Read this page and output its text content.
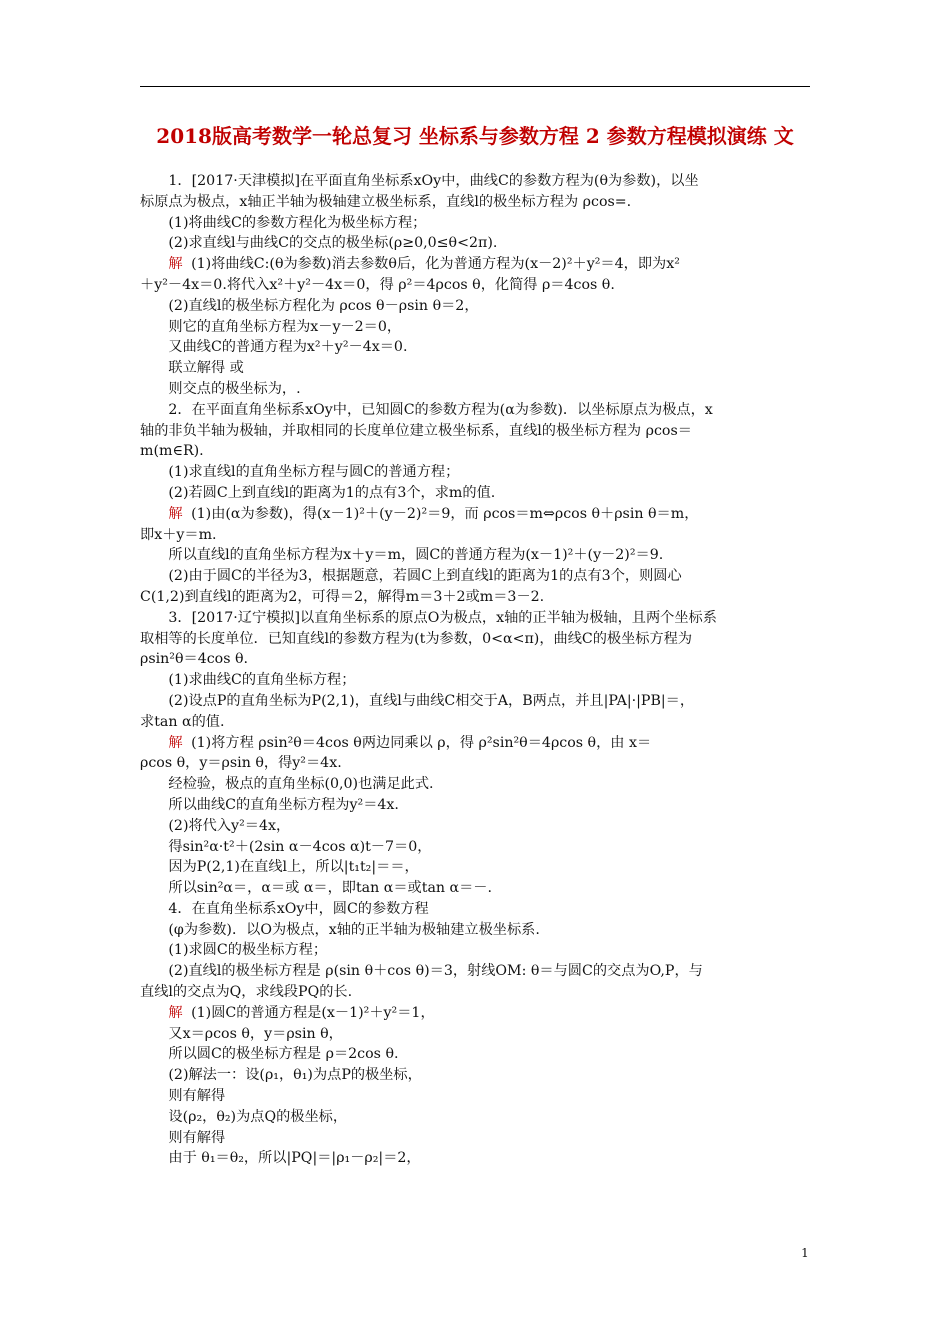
2018版高考数学一轮总复习 坐标系与参数方程 2 参数方程模拟演练 文
1．[2017·天津模拟]在平面直角坐标系xOy中，曲线C的参数方程为(θ为参数)，以坐
标原点为极点，x轴正半轴为极轴建立极坐标系，直线l的极坐标方程为 ρcos=.
(1)将曲线C的参数方程化为极坐标方程；
(2)求直线l与曲线C的交点的极坐标(ρ≥0,0≤θ<2π).
解 (1)将曲线C:(θ为参数)消去参数θ后，化为普通方程为(x－2)²＋y²＝4，即为x²
＋y²－4x＝0.将代入x²＋y²－4x＝0，得 ρ²＝4ρcos θ，化简得 ρ＝4cos θ.
(2)直线l的极坐标方程化为 ρcos θ－ρsin θ＝2，
则它的直角坐标方程为x－y－2＝0，
又曲线C的普通方程为x²＋y²－4x＝0.
联立解得 或
则交点的极坐标为，.
2．在平面直角坐标系xOy中，已知圆C的参数方程为(α为参数)．以坐标原点为极点，x
轴的非负半轴为极轴，并取相同的长度单位建立极坐标系，直线l的极坐标方程为 ρcos＝
m(m∈R).
(1)求直线l的直角坐标方程与圆C的普通方程；
(2)若圆C上到直线l的距离为1的点有3个，求m的值.
解 (1)由(α为参数)，得(x－1)²＋(y－2)²＝9，而 ρcos＝m⇔ρcos θ＋ρsin θ＝m，
即x＋y＝m.
所以直线l的直角坐标方程为x＋y＝m，圆C的普通方程为(x－1)²＋(y－2)²＝9.
(2)由于圆C的半径为3，根据题意，若圆C上到直线l的距离为1的点有3个，则圆心
C(1,2)到直线l的距离为2，可得＝2，解得m＝3＋2或m＝3－2.
3．[2017·辽宁模拟]以直角坐标系的原点O为极点，x轴的正半轴为极轴，且两个坐标系
取相等的长度单位．已知直线l的参数方程为(t为参数，0<α<π)，曲线C的极坐标方程为
ρsin²θ＝4cos θ.
(1)求曲线C的直角坐标方程；
(2)设点P的直角坐标为P(2,1)，直线l与曲线C相交于A，B两点，并且|PA|·|PB|＝，
求tan α的值.
解 (1)将方程 ρsin²θ＝4cos θ两边同乘以 ρ，得 ρ²sin²θ＝4ρcos θ，由 x＝
ρcos θ，y＝ρsin θ，得y²＝4x.
经检验，极点的直角坐标(0,0)也满足此式.
所以曲线C的直角坐标方程为y²＝4x.
(2)将代入y²＝4x，
得sin²α·t²＋(2sin α－4cos α)t－7＝0，
因为P(2,1)在直线l上，所以|t₁t₂|＝＝，
所以sin²α＝，α＝或 α＝，即tan α＝或tan α＝－.
4．在直角坐标系xOy中，圆C的参数方程
(φ为参数)．以O为极点，x轴的正半轴为极轴建立极坐标系.
(1)求圆C的极坐标方程；
(2)直线l的极坐标方程是 ρ(sin θ＋cos θ)＝3，射线OM: θ＝与圆C的交点为O,P，与
直线l的交点为Q，求线段PQ的长.
解 (1)圆C的普通方程是(x－1)²＋y²＝1，
又x＝ρcos θ，y＝ρsin θ，
所以圆C的极坐标方程是 ρ＝2cos θ.
(2)解法一：设(ρ₁，θ₁)为点P的极坐标，
则有解得
设(ρ₂，θ₂)为点Q的极坐标，
则有解得
由于 θ₁＝θ₂，所以|PQ|＝|ρ₁－ρ₂|＝2，
1
